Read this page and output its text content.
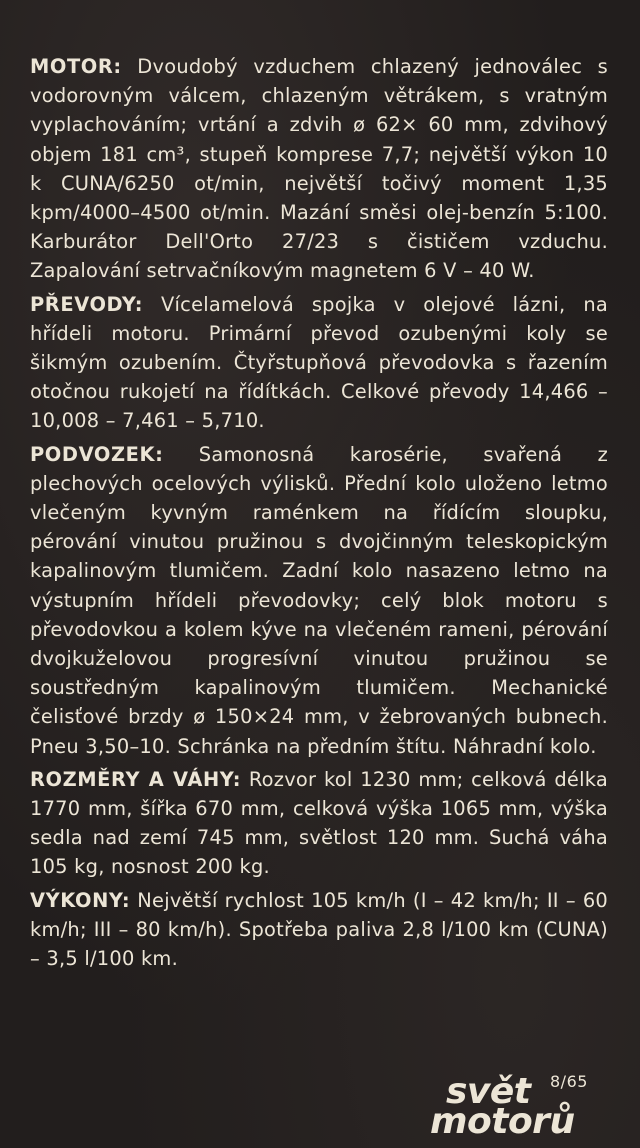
MOTOR: Dvoudobý vzduchem chlazený jednoválec s vodorovným válcem, chlazeným větrákem, s vratným vyplachováním; vrtání a zdvih ø 62× 60 mm, zdvihový objem 181 cm³, stupeň komprese 7,7; největší výkon 10 k CUNA/6250 ot/min, největší točivý moment 1,35 kpm/4000–4500 ot/min. Mazání směsi olej-benzín 5:100. Karburátor Dell'Orto 27/23 s čističem vzduchu. Zapalování setrvačníkovým magnetem 6 V – 40 W.

PŘEVODY: Vícelamelová spojka v olejové lázni, na hřídeli motoru. Primární převod ozubenými koly se šikmým ozubením. Čtyřstupňová převodovka s řazením otočnou rukojetí na řídítkách. Celkové převody 14,466 – 10,008 – 7,461 – 5,710.

PODVOZEK: Samonosná karosérie, svařená z plechových ocelových výlisků. Přední kolo uloženo letmo vlečeným kyvným raménkem na řídícím sloupku, pérování vinutou pružinou s dvojčinným teleskopickým kapalinovým tlumičem. Zadní kolo nasazeno letmo na výstupním hřídeli převodovky; celý blok motoru s převodovkou a kolem kýve na vlečeném rameni, pérování dvojkuželovou progresívní vinutou pružinou se soustředným kapalinovým tlumičem. Mechanické čelisťové brzdy ø 150×24 mm, v žebrovaných bubnech. Pneu 3,50–10. Schránka na předním štítu. Náhradní kolo.

ROZMĚRY A VÁHY: Rozvor kol 1230 mm; celková délka 1770 mm, šířka 670 mm, celková výška 1065 mm, výška sedla nad zemí 745 mm, světlost 120 mm. Suchá váha 105 kg, nosnost 200 kg.

VÝKONY: Největší rychlost 105 km/h (I – 42 km/h; II – 60 km/h; III – 80 km/h). Spotřeba paliva 2,8 l/100 km (CUNA) – 3,5 l/100 km.

8/65
svět
motorů
